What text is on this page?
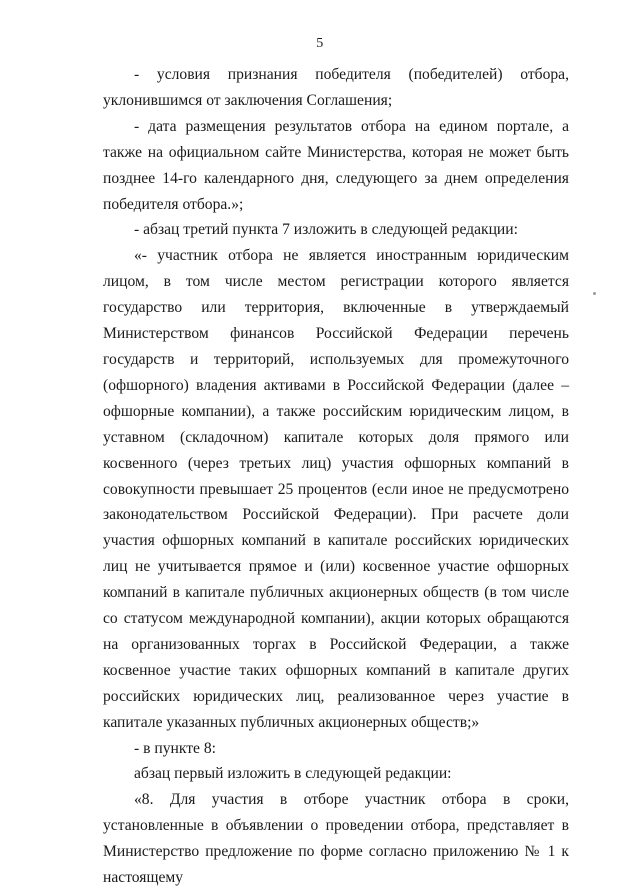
5

- условия признания победителя (победителей) отбора,

уклонившимся от заключения Соглашения;

- дата размещения результатов отбора на едином портале, а также на официальном сайте Министерства, которая не может быть позднее 14-го календарного дня, следующего за днем определения победителя отбора.»;

- абзац третий пункта 7 изложить в следующей редакции:

«- участник отбора не является иностранным юридическим лицом, в том числе местом регистрации которого является государство или территория, включенные в утверждаемый Министерством финансов Российской Федерации перечень государств и территорий, используемых для промежуточного (офшорного) владения активами в Российской Федерации (далее – офшорные компании), а также российским юридическим лицом, в уставном (складочном) капитале которых доля прямого или косвенного (через третьих лиц) участия офшорных компаний в совокупности превышает 25 процентов (если иное не предусмотрено законодательством Российской Федерации). При расчете доли участия офшорных компаний в капитале российских юридических лиц не учитывается прямое и (или) косвенное участие офшорных компаний в капитале публичных акционерных обществ (в том числе со статусом международной компании), акции которых обращаются на организованных торгах в Российской Федерации, а также косвенное участие таких офшорных компаний в капитале других российских юридических лиц, реализованное через участие в капитале указанных публичных акционерных обществ;»

- в пункте 8:

абзац первый изложить в следующей редакции:

«8. Для участия в отборе участник отбора в сроки, установленные в объявлении о проведении отбора, представляет в Министерство предложение по форме согласно приложению № 1 к настоящему
